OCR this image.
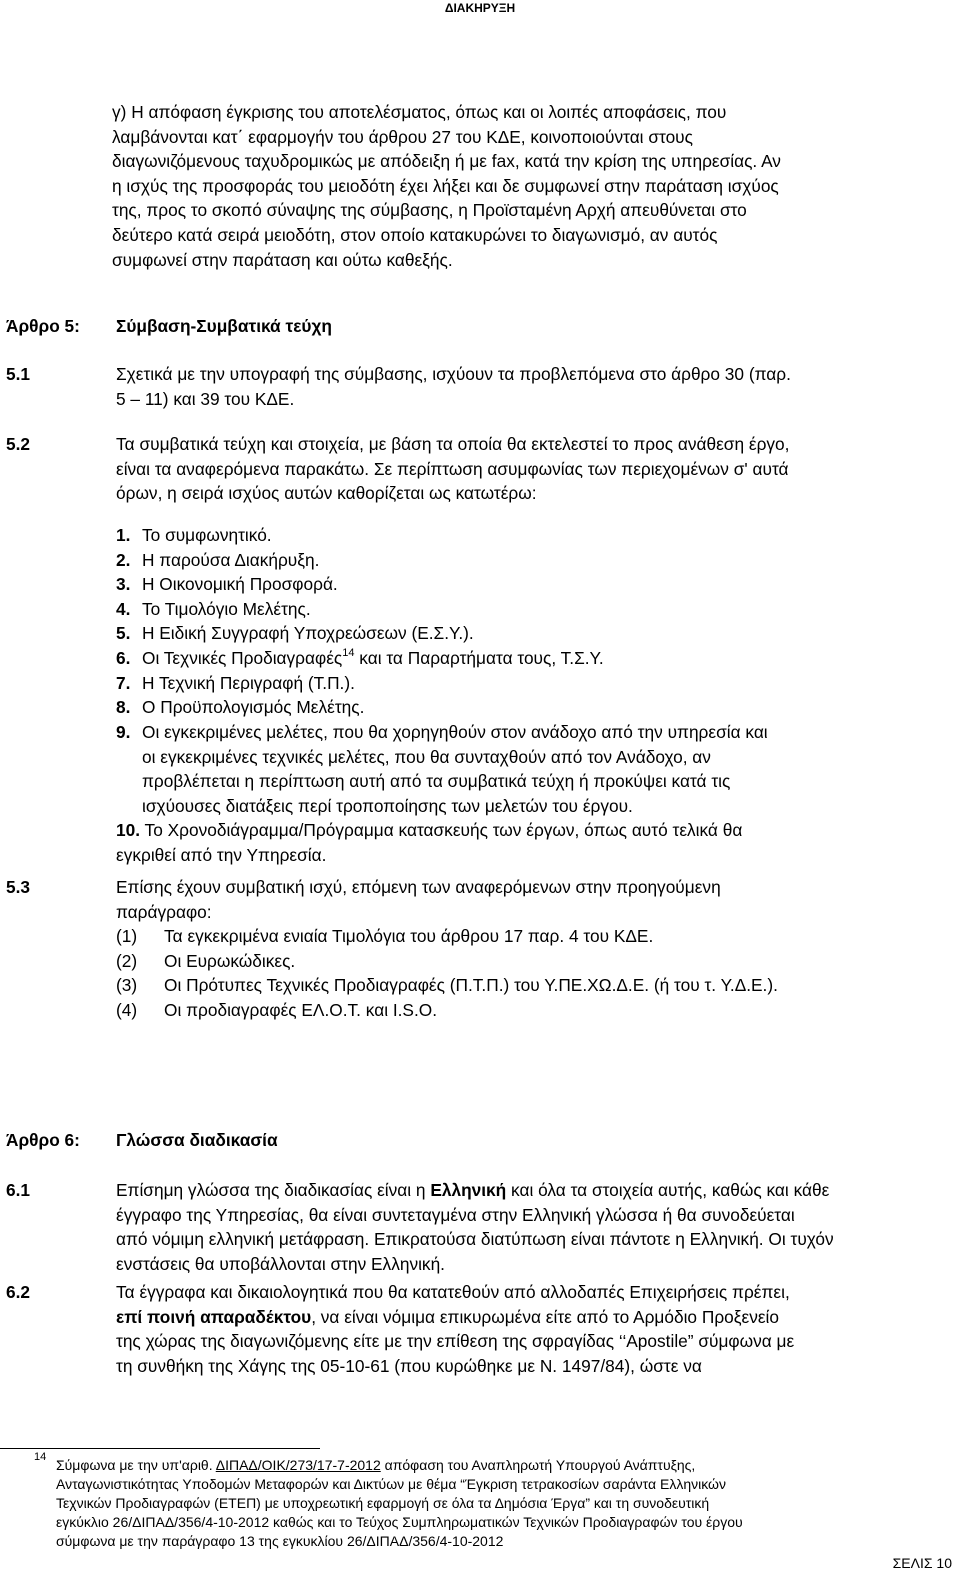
ΔΙΑΚΗΡΥΞΗ
γ) Η απόφαση έγκρισης του αποτελέσματος, όπως και οι λοιπές αποφάσεις, που
λαμβάνονται κατ΄ εφαρμογήν του άρθρου 27 του ΚΔΕ, κοινοποιούνται στους
διαγωνιζόμενους ταχυδρομικώς με απόδειξη ή με fax, κατά την κρίση της υπηρεσίας. Αν
η ισχύς της προσφοράς του μειοδότη έχει λήξει και δε συμφωνεί στην παράταση ισχύος
της, προς το σκοπό σύναψης της σύμβασης, η Προϊσταμένη Αρχή απευθύνεται στο
δεύτερο κατά σειρά μειοδότη, στον οποίο κατακυρώνει το διαγωνισμό, αν αυτός
συμφωνεί στην παράταση και ούτω καθεξής.
Άρθρο 5: Σύμβαση-Συμβατικά τεύχη
5.1	Σχετικά με την υπογραφή της σύμβασης, ισχύουν τα προβλεπόμενα στο άρθρο 30 (παρ.
5 – 11) και 39 του ΚΔΕ.
5.2	Τα συμβατικά τεύχη και στοιχεία, με βάση τα οποία θα εκτελεστεί το προς ανάθεση έργο,
είναι τα αναφερόμενα παρακάτω. Σε περίπτωση ασυμφωνίας των περιεχομένων σ' αυτά
όρων, η σειρά ισχύος αυτών καθορίζεται ως κατωτέρω:
1. Το συμφωνητικό.
2. Η παρούσα Διακήρυξη.
3. Η Οικονομική Προσφορά.
4. Το Τιμολόγιο Μελέτης.
5. Η Ειδική Συγγραφή Υποχρεώσεων (Ε.Σ.Υ.).
6. Οι Τεχνικές Προδιαγραφές$^{14}$ και τα Παραρτήματα τους, Τ.Σ.Υ.
7. Η Τεχνική Περιγραφή (Τ.Π.).
8. Ο Προϋπολογισμός Μελέτης.
9. Οι εγκεκριμένες μελέτες, που θα χορηγηθούν στον ανάδοχο από την υπηρεσία και
οι εγκεκριμένες τεχνικές μελέτες, που θα συνταχθούν από τον Ανάδοχο, αν
προβλέπεται η περίπτωση αυτή από τα συμβατικά τεύχη ή προκύψει κατά τις
ισχύουσες διατάξεις περί τροποποίησης των μελετών του έργου.
10. Το Χρονοδιάγραμμα/Πρόγραμμα κατασκευής των έργων, όπως αυτό τελικά θα
εγκριθεί από την Υπηρεσία.
5.3	Επίσης έχουν συμβατική ισχύ, επόμενη των αναφερόμενων στην προηγούμενη
παράγραφο:
(1) Τα εγκεκριμένα ενιαία Τιμολόγια του άρθρου 17 παρ. 4 του ΚΔΕ.
(2) Οι Ευρωκώδικες.
(3) Οι Πρότυπες Τεχνικές Προδιαγραφές (Π.Τ.Π.) του Υ.ΠΕ.ΧΩ.Δ.Ε. (ή του τ. Υ.Δ.Ε.).
(4) Οι προδιαγραφές ΕΛ.Ο.Τ. και I.S.O.
Άρθρο 6: Γλώσσα διαδικασία
6.1	Επίσημη γλώσσα της διαδικασίας είναι η Ελληνική και όλα τα στοιχεία αυτής, καθώς και κάθε
έγγραφο της Υπηρεσίας, θα είναι συντεταγμένα στην Ελληνική γλώσσα ή θα συνοδεύεται
από νόμιμη ελληνική μετάφραση. Επικρατούσα διατύπωση είναι πάντοτε η Ελληνική. Οι τυχόν
ενστάσεις θα υποβάλλονται στην Ελληνική.
6.2	Τα έγγραφα και δικαιολογητικά που θα κατατεθούν από αλλοδαπές Επιχειρήσεις πρέπει,
επί ποινή απαραδέκτου, να είναι νόμιμα επικυρωμένα είτε από το Αρμόδιο Προξενείο
της χώρας της διαγωνιζόμενης είτε με την επίθεση της σφραγίδας ‘‘Apostile” σύμφωνα με
τη συνθήκη της Χάγης της 05-10-61 (που κυρώθηκε με Ν. 1497/84), ώστε να
14 Σύμφωνα με την υπ'αριθ. ΔΙΠΑΔ/ΟΙΚ/273/17-7-2012 απόφαση του Αναπληρωτή Υπουργού Ανάπτυξης,
Ανταγωνιστικότητας Υποδομών Μεταφορών και Δικτύων με θέμα “Έγκριση τετρακοσίων σαράντα Ελληνικών
Τεχνικών Προδιαγραφών (ΕΤΕΠ) με υποχρεωτική εφαρμογή σε όλα τα Δημόσια Έργα” και τη συνοδευτική
εγκύκλιο 26/ΔΙΠΑΔ/356/4-10-2012 καθώς και το Τεύχος Συμπληρωματικών Τεχνικών Προδιαγραφών του έργου
σύμφωνα με την παράγραφο 13 της εγκυκλίου 26/ΔΙΠΑΔ/356/4-10-2012
ΣΕΛΙΣ 10
